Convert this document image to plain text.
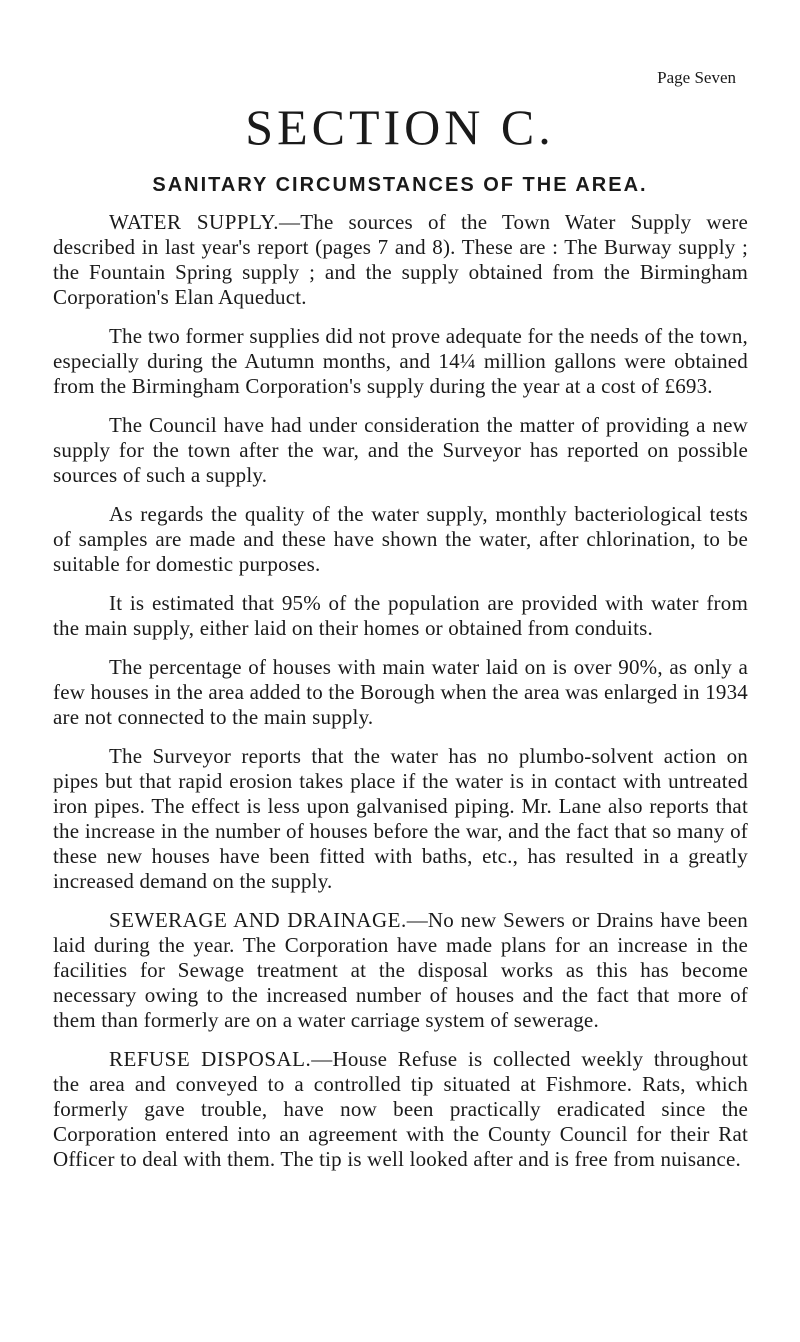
Page Seven
SECTION C.
SANITARY CIRCUMSTANCES OF THE AREA.

WATER SUPPLY.—The sources of the Town Water Supply were described in last year's report (pages 7 and 8). These are : The Burway supply ; the Fountain Spring supply ; and the supply obtained from the Birmingham Corporation's Elan Aqueduct.

The two former supplies did not prove adequate for the needs of the town, especially during the Autumn months, and 14¼ million gallons were obtained from the Birmingham Corporation's supply during the year at a cost of £693.

The Council have had under consideration the matter of providing a new supply for the town after the war, and the Surveyor has reported on possible sources of such a supply.

As regards the quality of the water supply, monthly bacteriological tests of samples are made and these have shown the water, after chlorination, to be suitable for domestic purposes.

It is estimated that 95% of the population are provided with water from the main supply, either laid on their homes or obtained from conduits.

The percentage of houses with main water laid on is over 90%, as only a few houses in the area added to the Borough when the area was enlarged in 1934 are not connected to the main supply.

The Surveyor reports that the water has no plumbo-solvent action on pipes but that rapid erosion takes place if the water is in contact with untreated iron pipes. The effect is less upon galvanised piping. Mr. Lane also reports that the increase in the number of houses before the war, and the fact that so many of these new houses have been fitted with baths, etc., has resulted in a greatly increased demand on the supply.

SEWERAGE AND DRAINAGE.—No new Sewers or Drains have been laid during the year. The Corporation have made plans for an increase in the facilities for Sewage treatment at the disposal works as this has become necessary owing to the increased number of houses and the fact that more of them than formerly are on a water carriage system of sewerage.

REFUSE DISPOSAL.—House Refuse is collected weekly throughout the area and conveyed to a controlled tip situated at Fishmore. Rats, which formerly gave trouble, have now been practically eradicated since the Corporation entered into an agreement with the County Council for their Rat Officer to deal with them. The tip is well looked after and is free from nuisance.
